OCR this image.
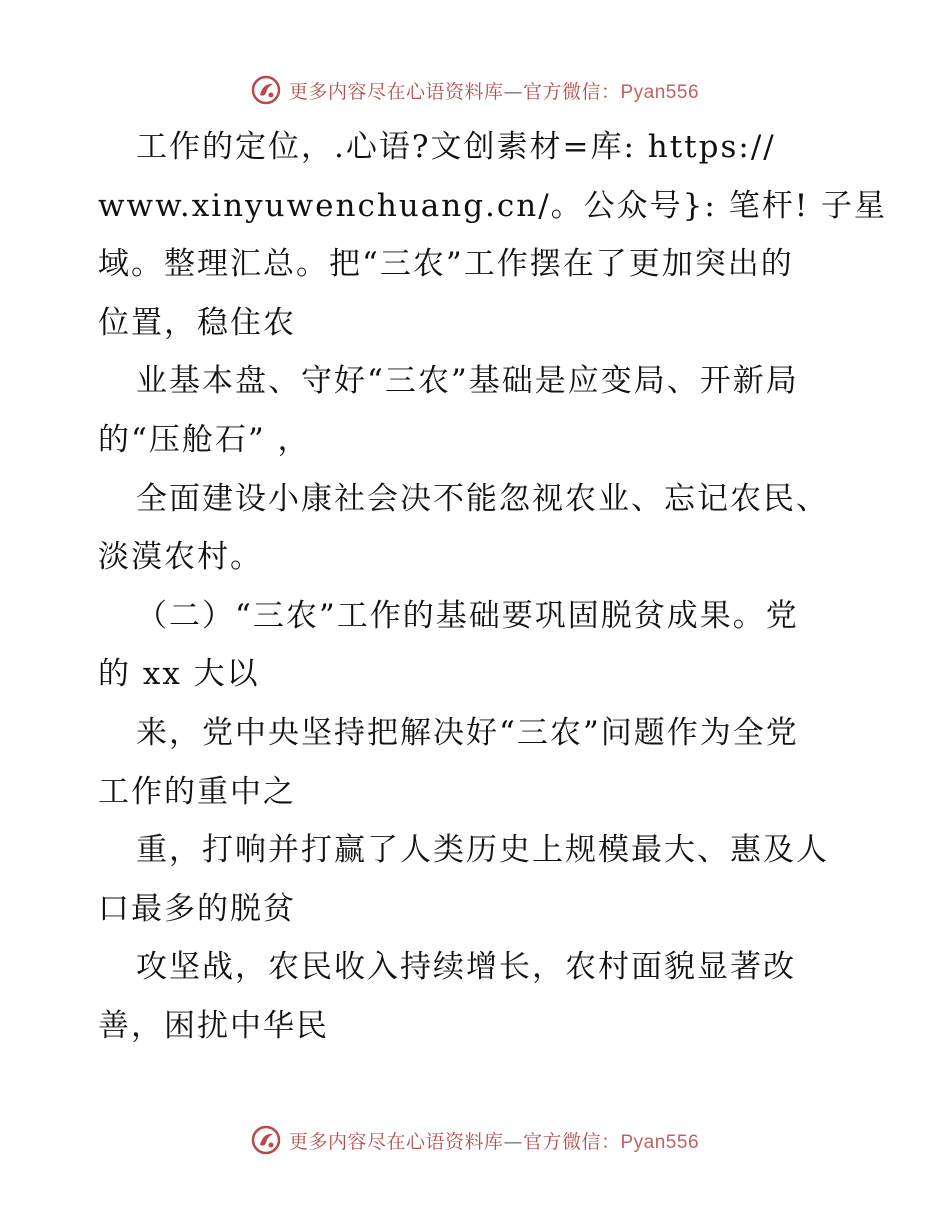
更多内容尽在心语资料库—官方微信：Pyan556
工作的定位，.心语?文创素材=库: https://
www.xinyuwenchuang.cn/。公众号}: 笔杆! 子星
域。整理汇总。把“三农”工作摆在了更加突出的
位置，稳住农
业基本盘、守好“三农”基础是应变局、开新局
的“压舱石” ，
全面建设小康社会决不能忽视农业、忘记农民、
淡漠农村。
（二）“三农”工作的基础要巩固脱贫成果。党
的 xx 大以
来，党中央坚持把解决好“三农”问题作为全党
工作的重中之
重，打响并打赢了人类历史上规模最大、惠及人
口最多的脱贫
攻坚战，农民收入持续增长，农村面貌显著改
善，困扰中华民
更多内容尽在心语资料库—官方微信：Pyan556
